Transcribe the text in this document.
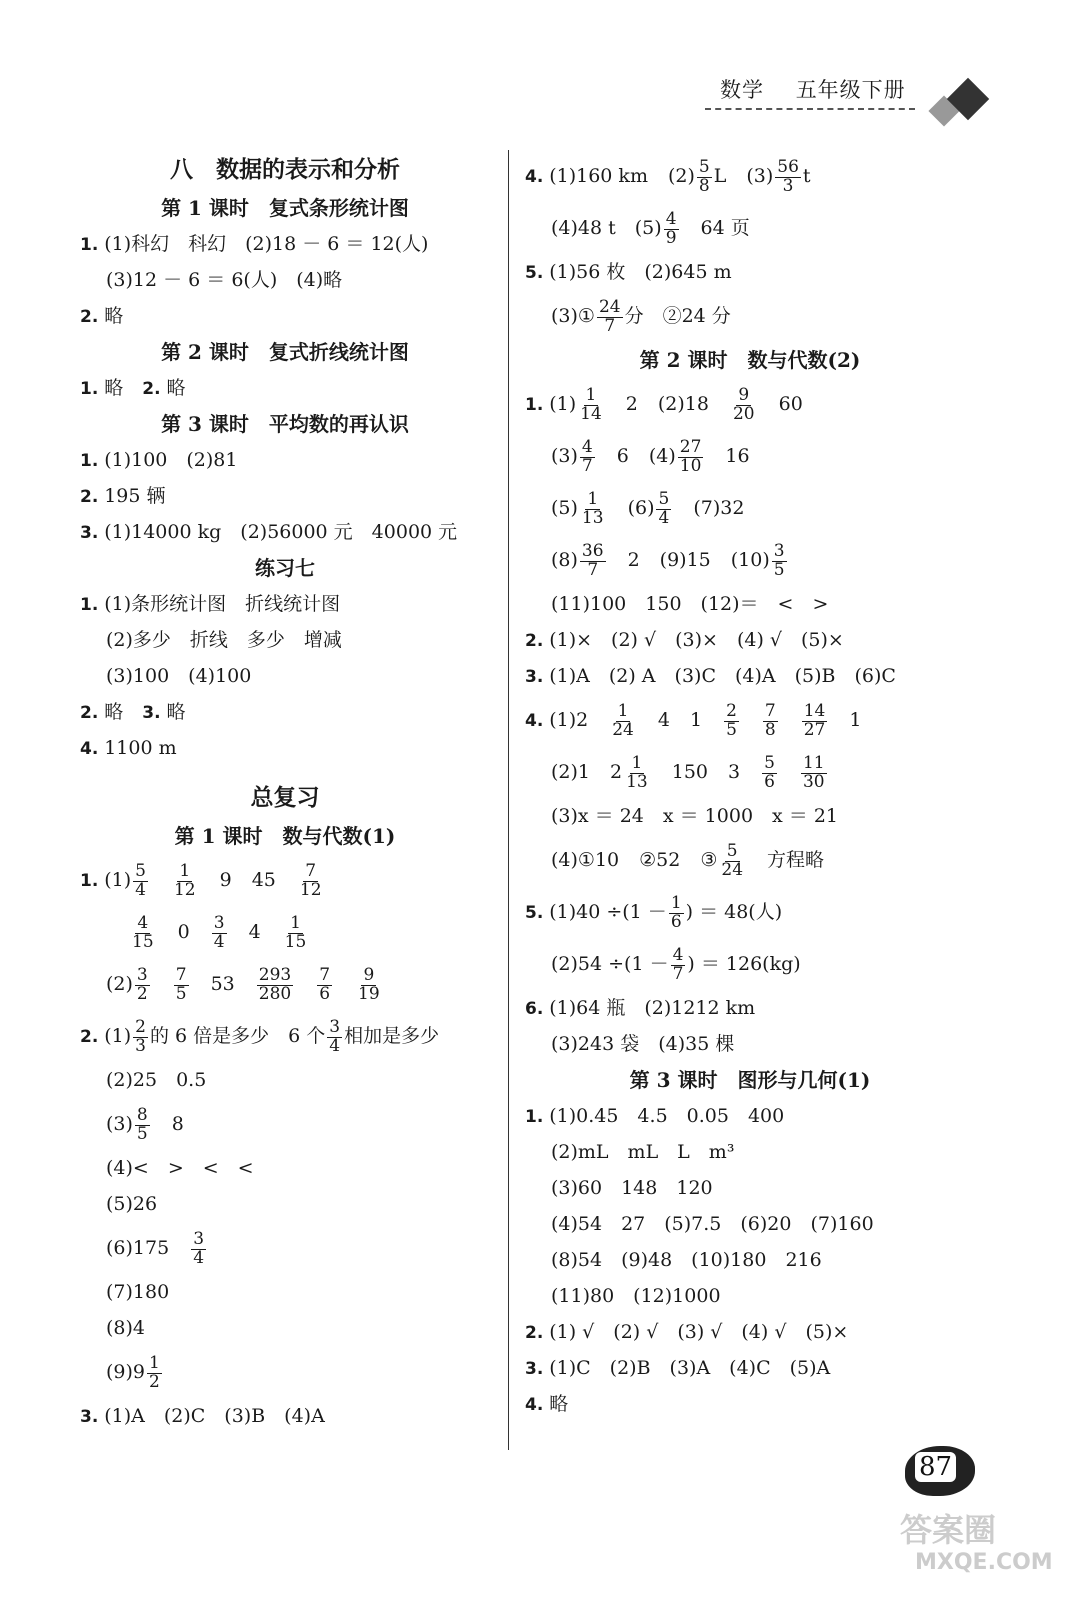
数学 五年级下册
八　数据的表示和分析
第 1 课时　复式条形统计图
1. (1)科幻　科幻　(2)18 － 6 ＝ 12(人)
(3)12 － 6 ＝ 6(人)　(4)略
2. 略
第 2 课时　复式折线统计图
1. 略　2. 略
第 3 课时　平均数的再认识
1. (1)100　(2)81
2. 195 辆
3. (1)14000 kg　(2)56000 元　40000 元
练习七
1. (1)条形统计图　折线统计图
(2)多少　折线　多少　增减
(3)100　(4)100
2. 略　3. 略
4. 1100 m
总复习
第 1 课时　数与代数(1)
1. $(1) \frac{5}{4} \frac{1}{12} 9$ $45 \frac{7}{12}$
$\frac{4}{15} 0 \frac{3}{4} 4 \frac{1}{15}$
$(2) \frac{3}{2} \frac{7}{5} 53 \frac{293}{280} \frac{7}{6} \frac{9}{19}$
2. $(1) \frac{2}{3}$ 的 6 倍是多少　6 个 $\frac{3}{4}$ 相加是多少
(2)25　0.5
$(3) \frac{8}{5} 8$
(4)<　>　<　<
(5)26
$(6)175 \frac{3}{4}$
(7)180
(8)4
$(9)9 \frac{1}{2}$
3. (1)A　(2)C　(3)B　(4)A
4. (1)160 km $(2) \frac{5}{8}$ L $(3) \frac{56}{3}$ t
(4)48 t　$(5) \frac{4}{9} 64$ 页
5. (1)56 枚　(2)645 m
(3)① $\frac{24}{7}$ 分　②24 分
第 2 课时　数与代数(2)
1. $(1) \frac{1}{14} 2$ $(2)18 \frac{9}{20} 60$
$(3) \frac{4}{7} 6$ $(4) \frac{27}{10} 16$
$(5) \frac{1}{13} (6) \frac{5}{4} (7)32$
$(8) \frac{36}{7} 2$ (9)15 $(10) \frac{3}{5}$
(11)100　150　(12)＝　<　>
2. (1)×　(2) √　(3)×　(4) √　(5)×
3. (1)A　(2) A　(3)C　(4)A　(5)B　(6)C
4. $(1)2 \frac{1}{24} 4$ $1 \frac{2}{5} \frac{7}{8} \frac{14}{27} 1$
(2)1 $2 \frac{1}{13} 150$ $3 \frac{5}{6} \frac{11}{30}$
(3)x ＝ 24　x ＝ 1000　x ＝ 21
(4)①10 ②52 ③ $\frac{5}{24}$ 方程略
5. $(1)40 \div(1 - \frac{1}{6}$ ) ＝ 48(人)
$(2)54 \div(1 - \frac{4}{7}$ ) ＝ 126(kg)
6. (1)64 瓶　(2)1212 km
(3)243 袋　(4)35 棵
第 3 课时　图形与几何(1)
1. (1)0.45　4.5　0.05　400
(2)mL　mL　L　m³
(3)60　148　120
(4)54　27　(5)7.5　(6)20　(7)160
(8)54　(9)48　(10)180　216
(11)80　(12)1000
2. (1) √　(2) √　(3) √　(4) √　(5)×
3. (1)C　(2)B　(3)A　(4)C　(5)A
4. 略
87
答案圈
MXQE.COM
